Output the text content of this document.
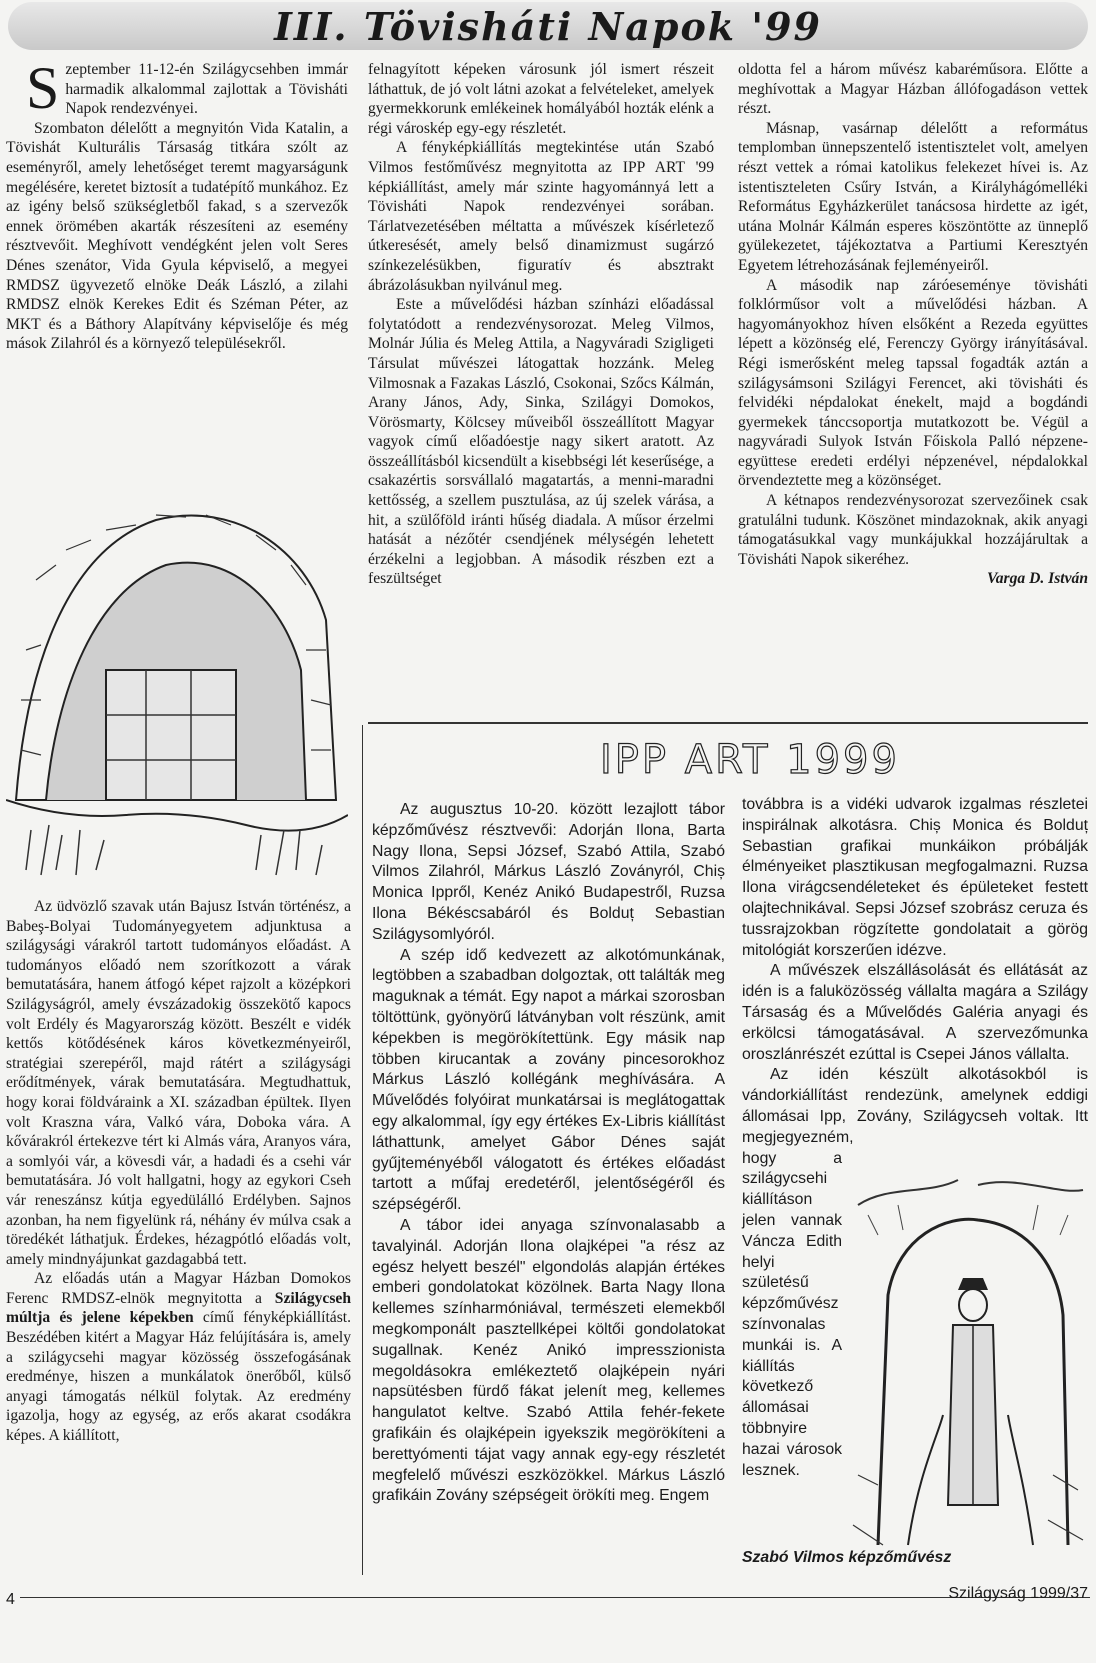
III. Tövisháti Napok '99

Szeptember 11-12-én Szilágycsehben immár harmadik alkalommal zajlottak a Tövisháti Napok rendezvényei.

Szombaton délelőtt a megnyitón Vida Katalin, a Tövishát Kulturális Társaság titkára szólt az eseményről, amely lehetőséget teremt magyarságunk megélésére, keretet biztosít a tudatépítő munkához. Ez az igény belső szükségletből fakad, s a szervezők ennek örömében akarták részesíteni az esemény résztvevőit. Meghívott vendégként jelen volt Seres Dénes szenátor, Vida Gyula képviselő, a megyei RMDSZ ügyvezető elnöke Deák László, a zilahi RMDSZ elnök Kerekes Edit és Széman Péter, az MKT és a Báthory Alapítvány képviselője és még mások Zilahról és a környező településekről.

Az üdvözlő szavak után Bajusz István történész, a Babeş-Bolyai Tudományegyetem adjunktusa a szilágysági várakról tartott tudományos előadást. A tudományos előadó nem szorítkozott a várak bemutatására, hanem átfogó képet rajzolt a középkori Szilágyságról, amely évszázadokig összekötő kapocs volt Erdély és Magyarország között. Beszélt e vidék kettős kötődésének káros következményeiről, stratégiai szerepéről, majd rátért a szilágysági erődítmények, várak bemutatására. Megtudhattuk, hogy korai földváraink a XI. században épültek. Ilyen volt Kraszna vára, Valkó vára, Doboka vára. A kővárakról értekezve tért ki Almás vára, Aranyos vára, a somlyói vár, a kövesdi vár, a hadadi és a csehi vár bemutatására. Jó volt hallgatni, hogy az egykori Cseh vár reneszánsz kútja egyedülálló Erdélyben. Sajnos azonban, ha nem figyelünk rá, néhány év múlva csak a töredékét láthatjuk. Érdekes, hézagpótló előadás volt, amely mindnyájunkat gazdagabbá tett.

Az előadás után a Magyar Házban Domokos Ferenc RMDSZ-elnök megnyitotta a Szilágycseh múltja és jelene képekben című fényképkiállítást. Beszédében kitért a Magyar Ház felújítására is, amely a szilágycsehi magyar közösség összefogásának eredménye, hiszen a munkálatok önerőből, külső anyagi támogatás nélkül folytak. Az eredmény igazolja, hogy az egység, az erős akarat csodákra képes. A kiállított,

felnagyított képeken városunk jól ismert részeit láthattuk, de jó volt látni azokat a felvételeket, amelyek gyermekkorunk emlékeinek homályából hozták elénk a régi városkép egy-egy részletét.

A fényképkiállítás megtekintése után Szabó Vilmos festőművész megnyitotta az IPP ART '99 képkiállítást, amely már szinte hagyománnyá lett a Tövisháti Napok rendezvényei sorában. Tárlatvezetésében méltatta a művészek kísérletező útkeresését, amely belső dinamizmust sugárzó színkezelésükben, figuratív és absztrakt ábrázolásukban nyilvánul meg.

Este a művelődési házban színházi előadással folytatódott a rendezvénysorozat. Meleg Vilmos, Molnár Júlia és Meleg Attila, a Nagyváradi Szigligeti Társulat művészei látogattak hozzánk. Meleg Vilmosnak a Fazakas László, Csokonai, Szőcs Kálmán, Arany János, Ady, Sinka, Szilágyi Domokos, Vörösmarty, Kölcsey műveiből összeállított Magyar vagyok című előadóestje nagy sikert aratott. Az összeállításból kicsendült a kisebbségi lét keserűsége, a csakazértis sorsvállaló magatartás, a menni-maradni kettősség, a szellem pusztulása, az új szelek várása, a hit, a szülőföld iránti hűség diadala. A műsor érzelmi hatását a nézőtér csendjének mélységén lehetett érzékelni a legjobban. A második részben ezt a feszültséget

oldotta fel a három művész kabaréműsora. Előtte a meghívottak a Magyar Házban állófogadáson vettek részt.

Másnap, vasárnap délelőtt a református templomban ünnepszentelő istentisztelet volt, amelyen részt vettek a római katolikus felekezet hívei is. Az istentiszteleten Csűry István, a Királyhágómelléki Református Egyházkerület tanácsosa hirdette az igét, utána Molnár Kálmán esperes köszöntötte az ünneplő gyülekezetet, tájékoztatva a Partiumi Keresztyén Egyetem létrehozásának fejleményeiről.

A második nap záróeseménye tövisháti folklórműsor volt a művelődési házban. A hagyományokhoz híven elsőként a Rezeda együttes lépett a közönség elé, Ferenczy György irányításával. Régi ismerősként meleg tapssal fogadták aztán a szilágysámsoni Szilágyi Ferencet, aki tövisháti és felvidéki népdalokat énekelt, majd a bogdándi gyermekek tánccsoportja mutatkozott be. Végül a nagyváradi Sulyok István Főiskola Palló népzene-együttese eredeti erdélyi népzenével, népdalokkal örvendeztette meg a közönséget.

A kétnapos rendezvénysorozat szervezőinek csak gratulálni tudunk. Köszönet mindazoknak, akik anyagi támogatásukkal vagy munkájukkal hozzájárultak a Tövisháti Napok sikeréhez.

Varga D. István
IPP ART 1999

Az augusztus 10-20. között lezajlott tábor képzőművész résztvevői: Adorján Ilona, Barta Nagy Ilona, Sepsi József, Szabó Attila, Szabó Vilmos Zilahról, Márkus László Zoványról, Chiș Monica Ippről, Kenéz Anikó Budapestről, Ruzsa Ilona Békéscsabáról és Bolduț Sebastian Szilágysomlyóról.

A szép idő kedvezett az alkotómunkának, legtöbben a szabadban dolgoztak, ott találták meg maguknak a témát. Egy napot a márkai szorosban töltöttünk, gyönyörű látványban volt részünk, amit képekben is megörökítettünk. Egy másik nap többen kirucantak a zovány pincesorokhoz Márkus László kollégánk meghívására. A Művelődés folyóirat munkatársai is meglátogattak egy alkalommal, így egy értékes Ex-Libris kiállítást láthattunk, amelyet Gábor Dénes saját gyűjteményéből válogatott és értékes előadást tartott a műfaj eredetéről, jelentőségéről és szépségéről.

A tábor idei anyaga színvonalasabb a tavalyinál. Adorján Ilona olajképei "a rész az egész helyett beszél" elgondolás alapján értékes emberi gondolatokat közölnek. Barta Nagy Ilona kellemes színharmóniával, természeti elemekből megkomponált pasztellképei költői gondolatokat sugallnak. Kenéz Anikó impresszionista megoldásokra emlékeztető olajképein nyári napsütésben fürdő fákat jelenít meg, kellemes hangulatot keltve. Szabó Attila fehér-fekete grafikáin és olajképein igyekszik megörökíteni a berettyómenti tájat vagy annak egy-egy részletét megfelelő művészi eszközökkel. Márkus László grafikáin Zovány szépségeit örökíti meg. Engem

továbbra is a vidéki udvarok izgalmas részletei inspirálnak alkotásra. Chiș Monica és Bolduț Sebastian grafikai munkáikon próbálják élményeiket plasztikusan megfogalmazni. Ruzsa Ilona virágcsendéleteket és épületeket festett olajtechnikával. Sepsi József szobrász ceruza és tussrajzokban rögzítette gondolatait a görög mitológiát korszerűen idézve.

A művészek elszállásolását és ellátását az idén is a faluközösség vállalta magára a Szilágy Társaság és a Művelődés Galéria anyagi és erkölcsi támogatásával. A szervezőmunka oroszlánrészét ezúttal is Csepei János vállalta.

Az idén készült alkotásokból is vándorkiállítást rendezünk, amelynek eddigi állomásai Ipp, Zovány, Szilágycseh voltak. Itt megjegyezném,

hogy a szilágycsehi kiállításon jelen vannak Váncza Edith helyi születésű képzőművész színvonalas munkái is. A kiállítás következő állomásai többnyire hazai városok lesznek.

Szabó Vilmos képzőművész
4	Szilágyság 1999/37
